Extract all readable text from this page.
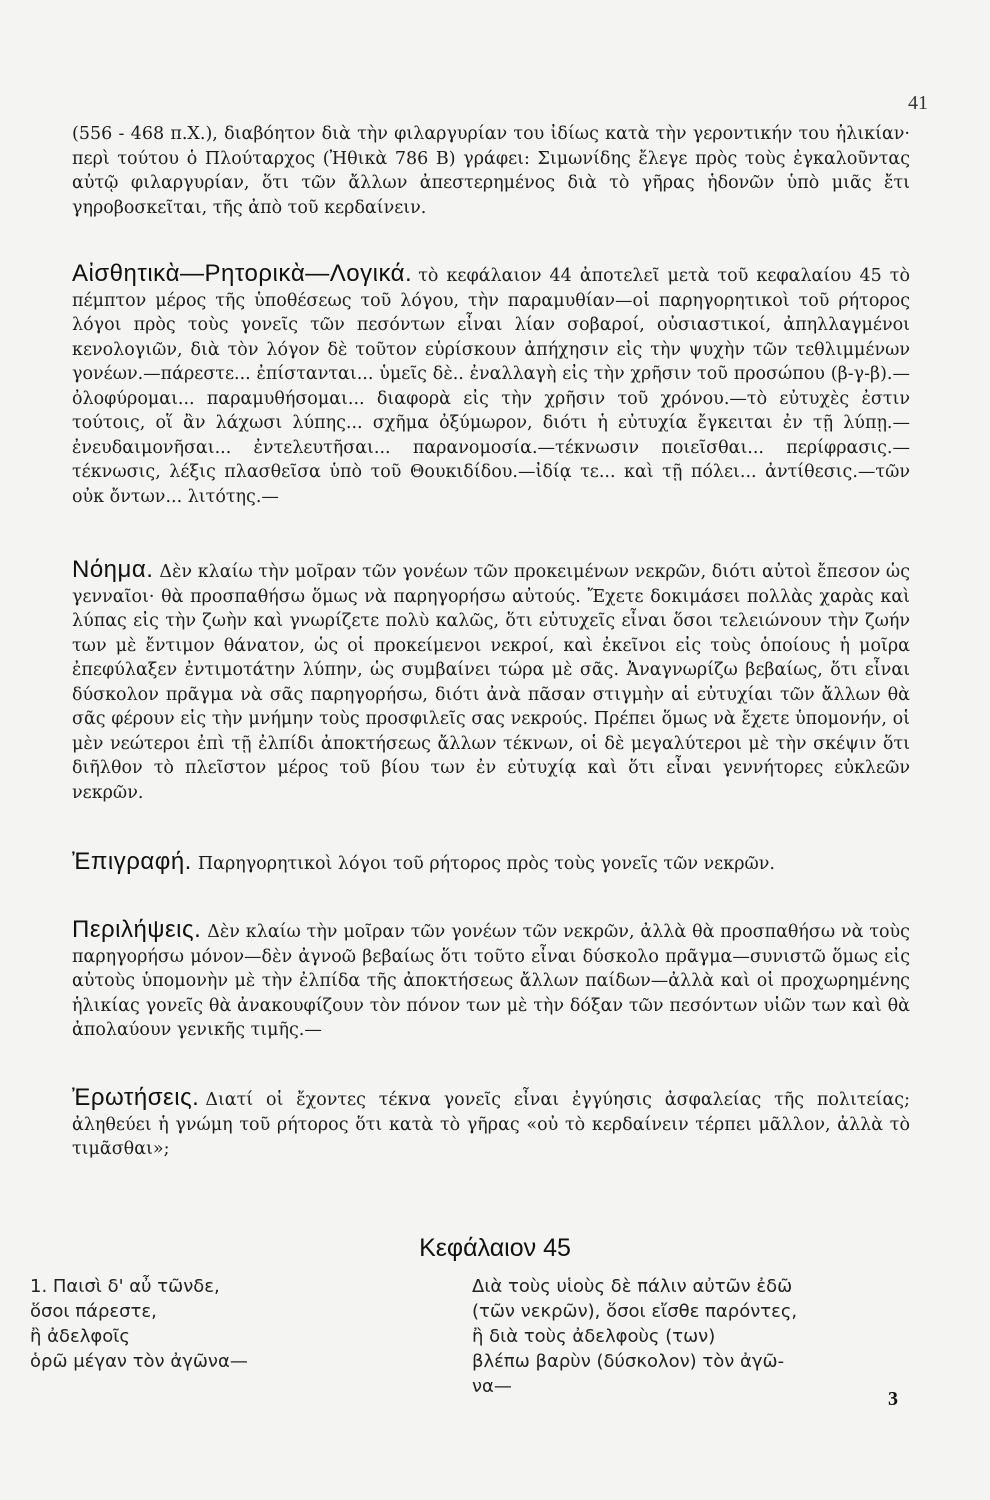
41

(556 - 468 π.Χ.), διαβόητον διὰ τὴν φιλαργυρίαν του ἰδίως κατὰ τὴν γεροντικήν του ἡλικίαν· περὶ τούτου ὁ Πλούταρχος (Ἠθικὰ 786 Β) γράφει: Σιμωνίδης ἔλεγε πρὸς τοὺς ἐγκαλοῦντας αὐτῷ φιλαργυρίαν, ὅτι τῶν ἄλλων ἀπεστερημένος διὰ τὸ γῆρας ἡδονῶν ὑπὸ μιᾶς ἔτι γηροβοσκεῖται, τῆς ἀπὸ τοῦ κερδαίνειν.

Αἰσθητικὰ—Ρητορικὰ—Λογικά. τὸ κεφάλαιον 44 ἀποτελεῖ μετὰ τοῦ κεφαλαίου 45 τὸ πέμπτον μέρος τῆς ὑποθέσεως τοῦ λόγου, τὴν παραμυθίαν—οἱ παρηγορητικοὶ τοῦ ρήτορος λόγοι πρὸς τοὺς γονεῖς τῶν πεσόντων εἶναι λίαν σοβαροί, οὐσιαστικοί, ἀπηλλαγμένοι κενολογιῶν, διὰ τὸν λόγον δὲ τοῦτον εὑρίσκουν ἀπήχησιν εἰς τὴν ψυχὴν τῶν τεθλιμμένων γονέων.—πάρεστε... ἐπίστανται... ὑμεῖς δὲ.. ἐναλλαγὴ εἰς τὴν χρῆσιν τοῦ προσώπου (β-γ-β).—ὀλοφύρομαι... παραμυθήσομαι... διαφορὰ εἰς τὴν χρῆσιν τοῦ χρόνου.—τὸ εὐτυχὲς ἐστιν τούτοις, οἵ ἂν λάχωσι λύπης... σχῆμα ὀξύμωρον, διότι ἡ εὐτυχία ἔγκειται ἐν τῇ λύπῃ.—ἐνευδαιμονῆσαι... ἐντελευτῆσαι... παρανομοσία.—τέκνωσιν ποιεῖσθαι... περίφρασις.—τέκνωσις, λέξις πλασθεῖσα ὑπὸ τοῦ Θουκιδίδου.—ἰδίᾳ τε... καὶ τῇ πόλει... ἀντίθεσις.—τῶν οὐκ ὄντων... λιτότης.—

Νόημα. Δὲν κλαίω τὴν μοῖραν τῶν γονέων τῶν προκειμένων νεκρῶν, διότι αὐτοὶ ἔπεσον ὡς γενναῖοι· θὰ προσπαθήσω ὅμως νὰ παρηγορήσω αὐτούς. Ἔχετε δοκιμάσει πολλὰς χαρὰς καὶ λύπας εἰς τὴν ζωὴν καὶ γνωρίζετε πολὺ καλῶς, ὅτι εὐτυχεῖς εἶναι ὅσοι τελειώνουν τὴν ζωήν των μὲ ἔντιμον θάνατον, ὡς οἱ προκείμενοι νεκροί, καὶ ἐκεῖνοι εἰς τοὺς ὁποίους ἡ μοῖρα ἐπεφύλαξεν ἐντιμοτάτην λύπην, ὡς συμβαίνει τώρα μὲ σᾶς. Ἀναγνωρίζω βεβαίως, ὅτι εἶναι δύσκολον πρᾶγμα νὰ σᾶς παρηγορήσω, διότι ἀνὰ πᾶσαν στιγμὴν αἱ εὐτυχίαι τῶν ἄλλων θὰ σᾶς φέρουν εἰς τὴν μνήμην τοὺς προσφιλεῖς σας νεκρούς. Πρέπει ὅμως νὰ ἔχετε ὑπομονήν, οἱ μὲν νεώτεροι ἐπὶ τῇ ἐλπίδι ἀποκτήσεως ἄλλων τέκνων, οἱ δὲ μεγαλύτεροι μὲ τὴν σκέψιν ὅτι διῆλθον τὸ πλεῖστον μέρος τοῦ βίου των ἐν εὐτυχίᾳ καὶ ὅτι εἶναι γεννήτορες εὐκλεῶν νεκρῶν.

Ἐπιγραφή. Παρηγορητικοὶ λόγοι τοῦ ρήτορος πρὸς τοὺς γονεῖς τῶν νεκρῶν.

Περιλήψεις. Δὲν κλαίω τὴν μοῖραν τῶν γονέων τῶν νεκρῶν, ἀλλὰ θὰ προσπαθήσω νὰ τοὺς παρηγορήσω μόνον—δὲν ἀγνοῶ βεβαίως ὅτι τοῦτο εἶναι δύσκολο πρᾶγμα—συνιστῶ ὅμως εἰς αὐτοὺς ὑπομονὴν μὲ τὴν ἐλπίδα τῆς ἀποκτήσεως ἄλλων παίδων—ἀλλὰ καὶ οἱ προχωρημένης ἡλικίας γονεῖς θὰ ἀνακουφίζουν τὸν πόνον των μὲ τὴν δόξαν τῶν πεσόντων υἱῶν των καὶ θὰ ἀπολαύουν γενικῆς τιμῆς.—

Ἐρωτήσεις. Διατί οἱ ἔχοντες τέκνα γονεῖς εἶναι ἐγγύησις ἀσφαλείας τῆς πολιτείας; ἀληθεύει ἡ γνώμη τοῦ ρήτορος ὅτι κατὰ τὸ γῆρας «οὐ τὸ κερδαίνειν τέρπει μᾶλλον, ἀλλὰ τὸ τιμᾶσθαι»;

Κεφάλαιον 45
1. Παισὶ δ' αὖ τῶνδε,
ὅσοι πάρεστε,
ἢ ἀδελφοῖς
ὁρῶ μέγαν τὸν ἀγῶνα—
Διὰ τοὺς υἱοὺς δὲ πάλιν αὐτῶν ἐδῶ
(τῶν νεκρῶν), ὅσοι εἴσθε παρόντες,
ἢ διὰ τοὺς ἀδελφοὺς (των)
βλέπω βαρὺν (δύσκολον) τὸν ἀγῶ-
να—
3
